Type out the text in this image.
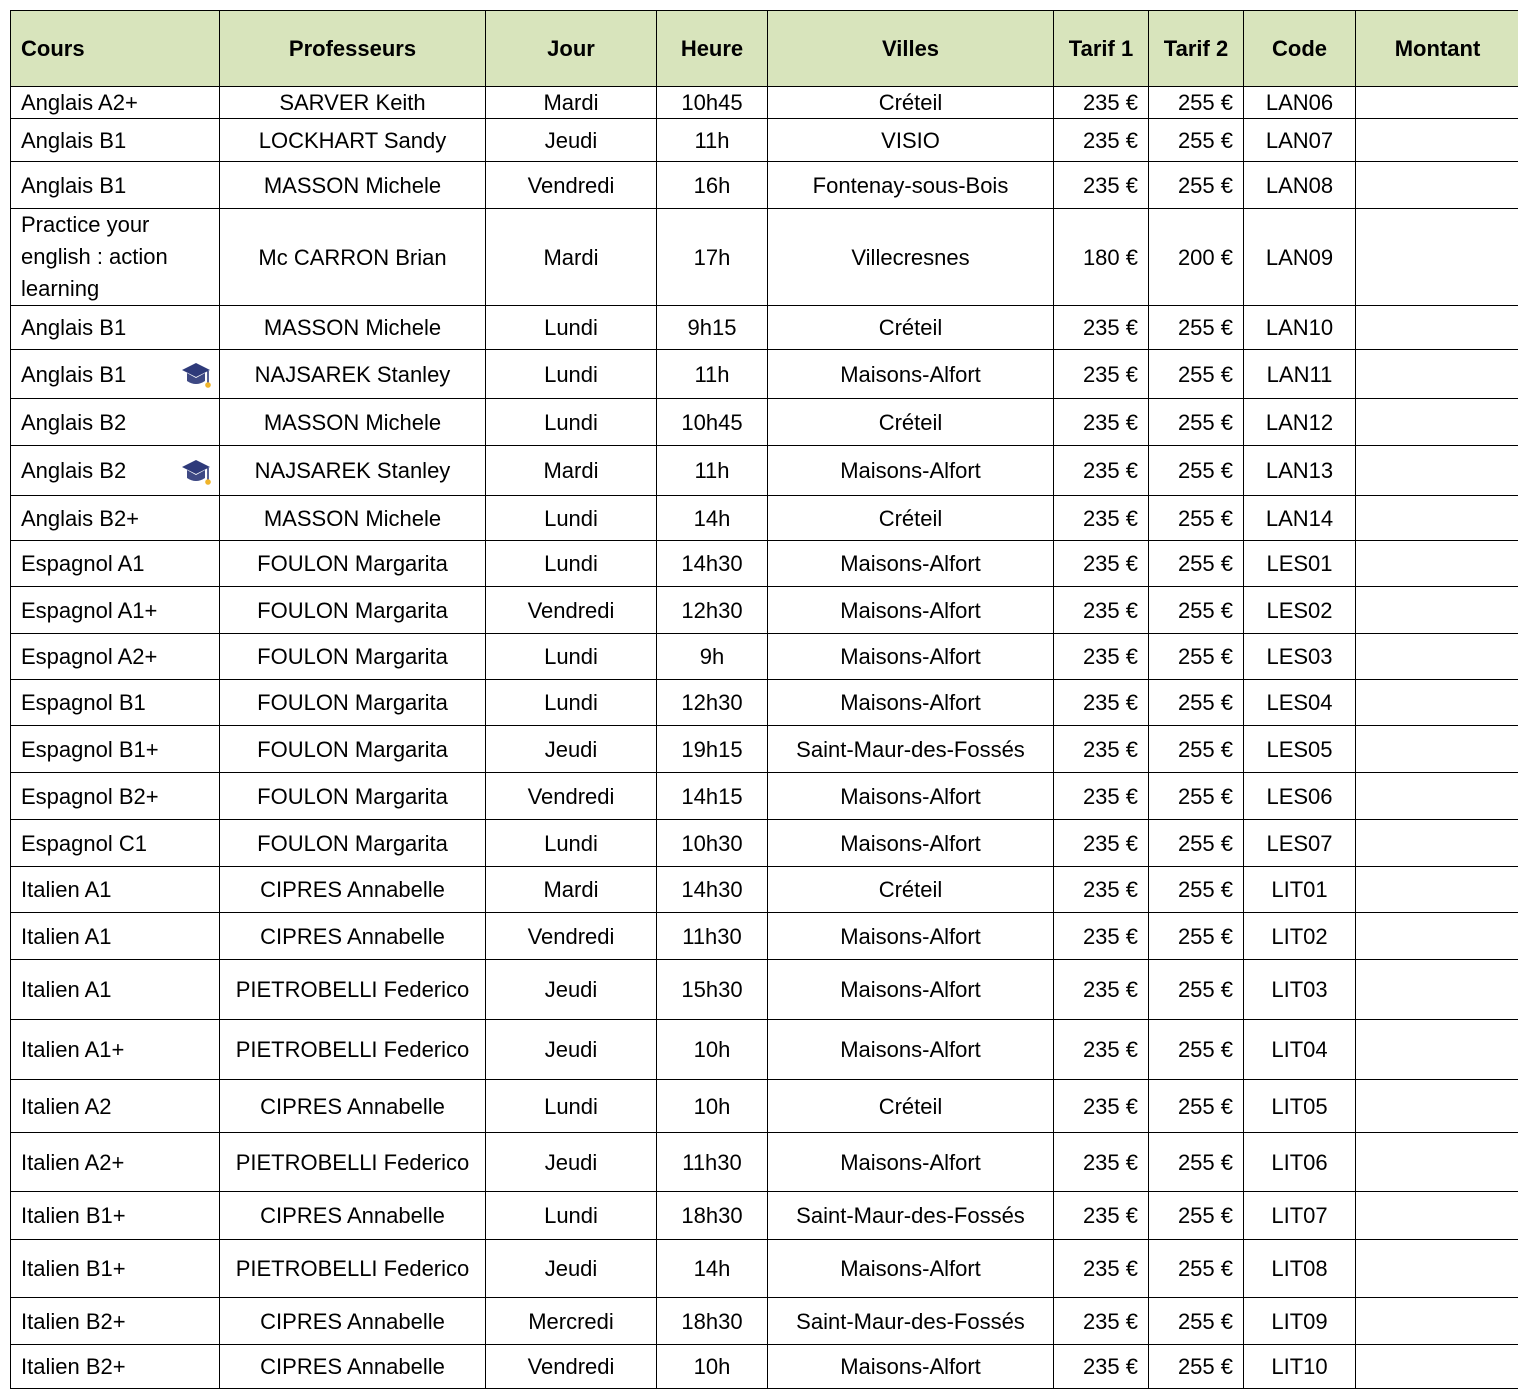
Cours	Professeurs	Jour	Heure	Villes	Tarif 1	Tarif 2	Code	Montant
Anglais A2+	SARVER Keith	Mardi	10h45	Créteil	235 €	255 €	LAN06	
Anglais B1	LOCKHART Sandy	Jeudi	11h	VISIO	235 €	255 €	LAN07	
Anglais B1	MASSON Michele	Vendredi	16h	Fontenay-sous-Bois	235 €	255 €	LAN08	
Practice your english : action learning	Mc CARRON Brian	Mardi	17h	Villecresnes	180 €	200 €	LAN09	
Anglais B1	MASSON Michele	Lundi	9h15	Créteil	235 €	255 €	LAN10	
Anglais B1	NAJSAREK Stanley	Lundi	11h	Maisons-Alfort	235 €	255 €	LAN11	
Anglais B2	MASSON Michele	Lundi	10h45	Créteil	235 €	255 €	LAN12	
Anglais B2	NAJSAREK Stanley	Mardi	11h	Maisons-Alfort	235 €	255 €	LAN13	
Anglais B2+	MASSON Michele	Lundi	14h	Créteil	235 €	255 €	LAN14	
Espagnol A1	FOULON Margarita	Lundi	14h30	Maisons-Alfort	235 €	255 €	LES01	
Espagnol A1+	FOULON Margarita	Vendredi	12h30	Maisons-Alfort	235 €	255 €	LES02	
Espagnol A2+	FOULON Margarita	Lundi	9h	Maisons-Alfort	235 €	255 €	LES03	
Espagnol B1	FOULON Margarita	Lundi	12h30	Maisons-Alfort	235 €	255 €	LES04	
Espagnol B1+	FOULON Margarita	Jeudi	19h15	Saint-Maur-des-Fossés	235 €	255 €	LES05	
Espagnol B2+	FOULON Margarita	Vendredi	14h15	Maisons-Alfort	235 €	255 €	LES06	
Espagnol C1	FOULON Margarita	Lundi	10h30	Maisons-Alfort	235 €	255 €	LES07	
Italien A1	CIPRES Annabelle	Mardi	14h30	Créteil	235 €	255 €	LIT01	
Italien A1	CIPRES Annabelle	Vendredi	11h30	Maisons-Alfort	235 €	255 €	LIT02	
Italien A1	PIETROBELLI Federico	Jeudi	15h30	Maisons-Alfort	235 €	255 €	LIT03	
Italien A1+	PIETROBELLI Federico	Jeudi	10h	Maisons-Alfort	235 €	255 €	LIT04	
Italien A2	CIPRES Annabelle	Lundi	10h	Créteil	235 €	255 €	LIT05	
Italien A2+	PIETROBELLI Federico	Jeudi	11h30	Maisons-Alfort	235 €	255 €	LIT06	
Italien B1+	CIPRES Annabelle	Lundi	18h30	Saint-Maur-des-Fossés	235 €	255 €	LIT07	
Italien B1+	PIETROBELLI Federico	Jeudi	14h	Maisons-Alfort	235 €	255 €	LIT08	
Italien B2+	CIPRES Annabelle	Mercredi	18h30	Saint-Maur-des-Fossés	235 €	255 €	LIT09	
Italien B2+	CIPRES Annabelle	Vendredi	10h	Maisons-Alfort	235 €	255 €	LIT10	
